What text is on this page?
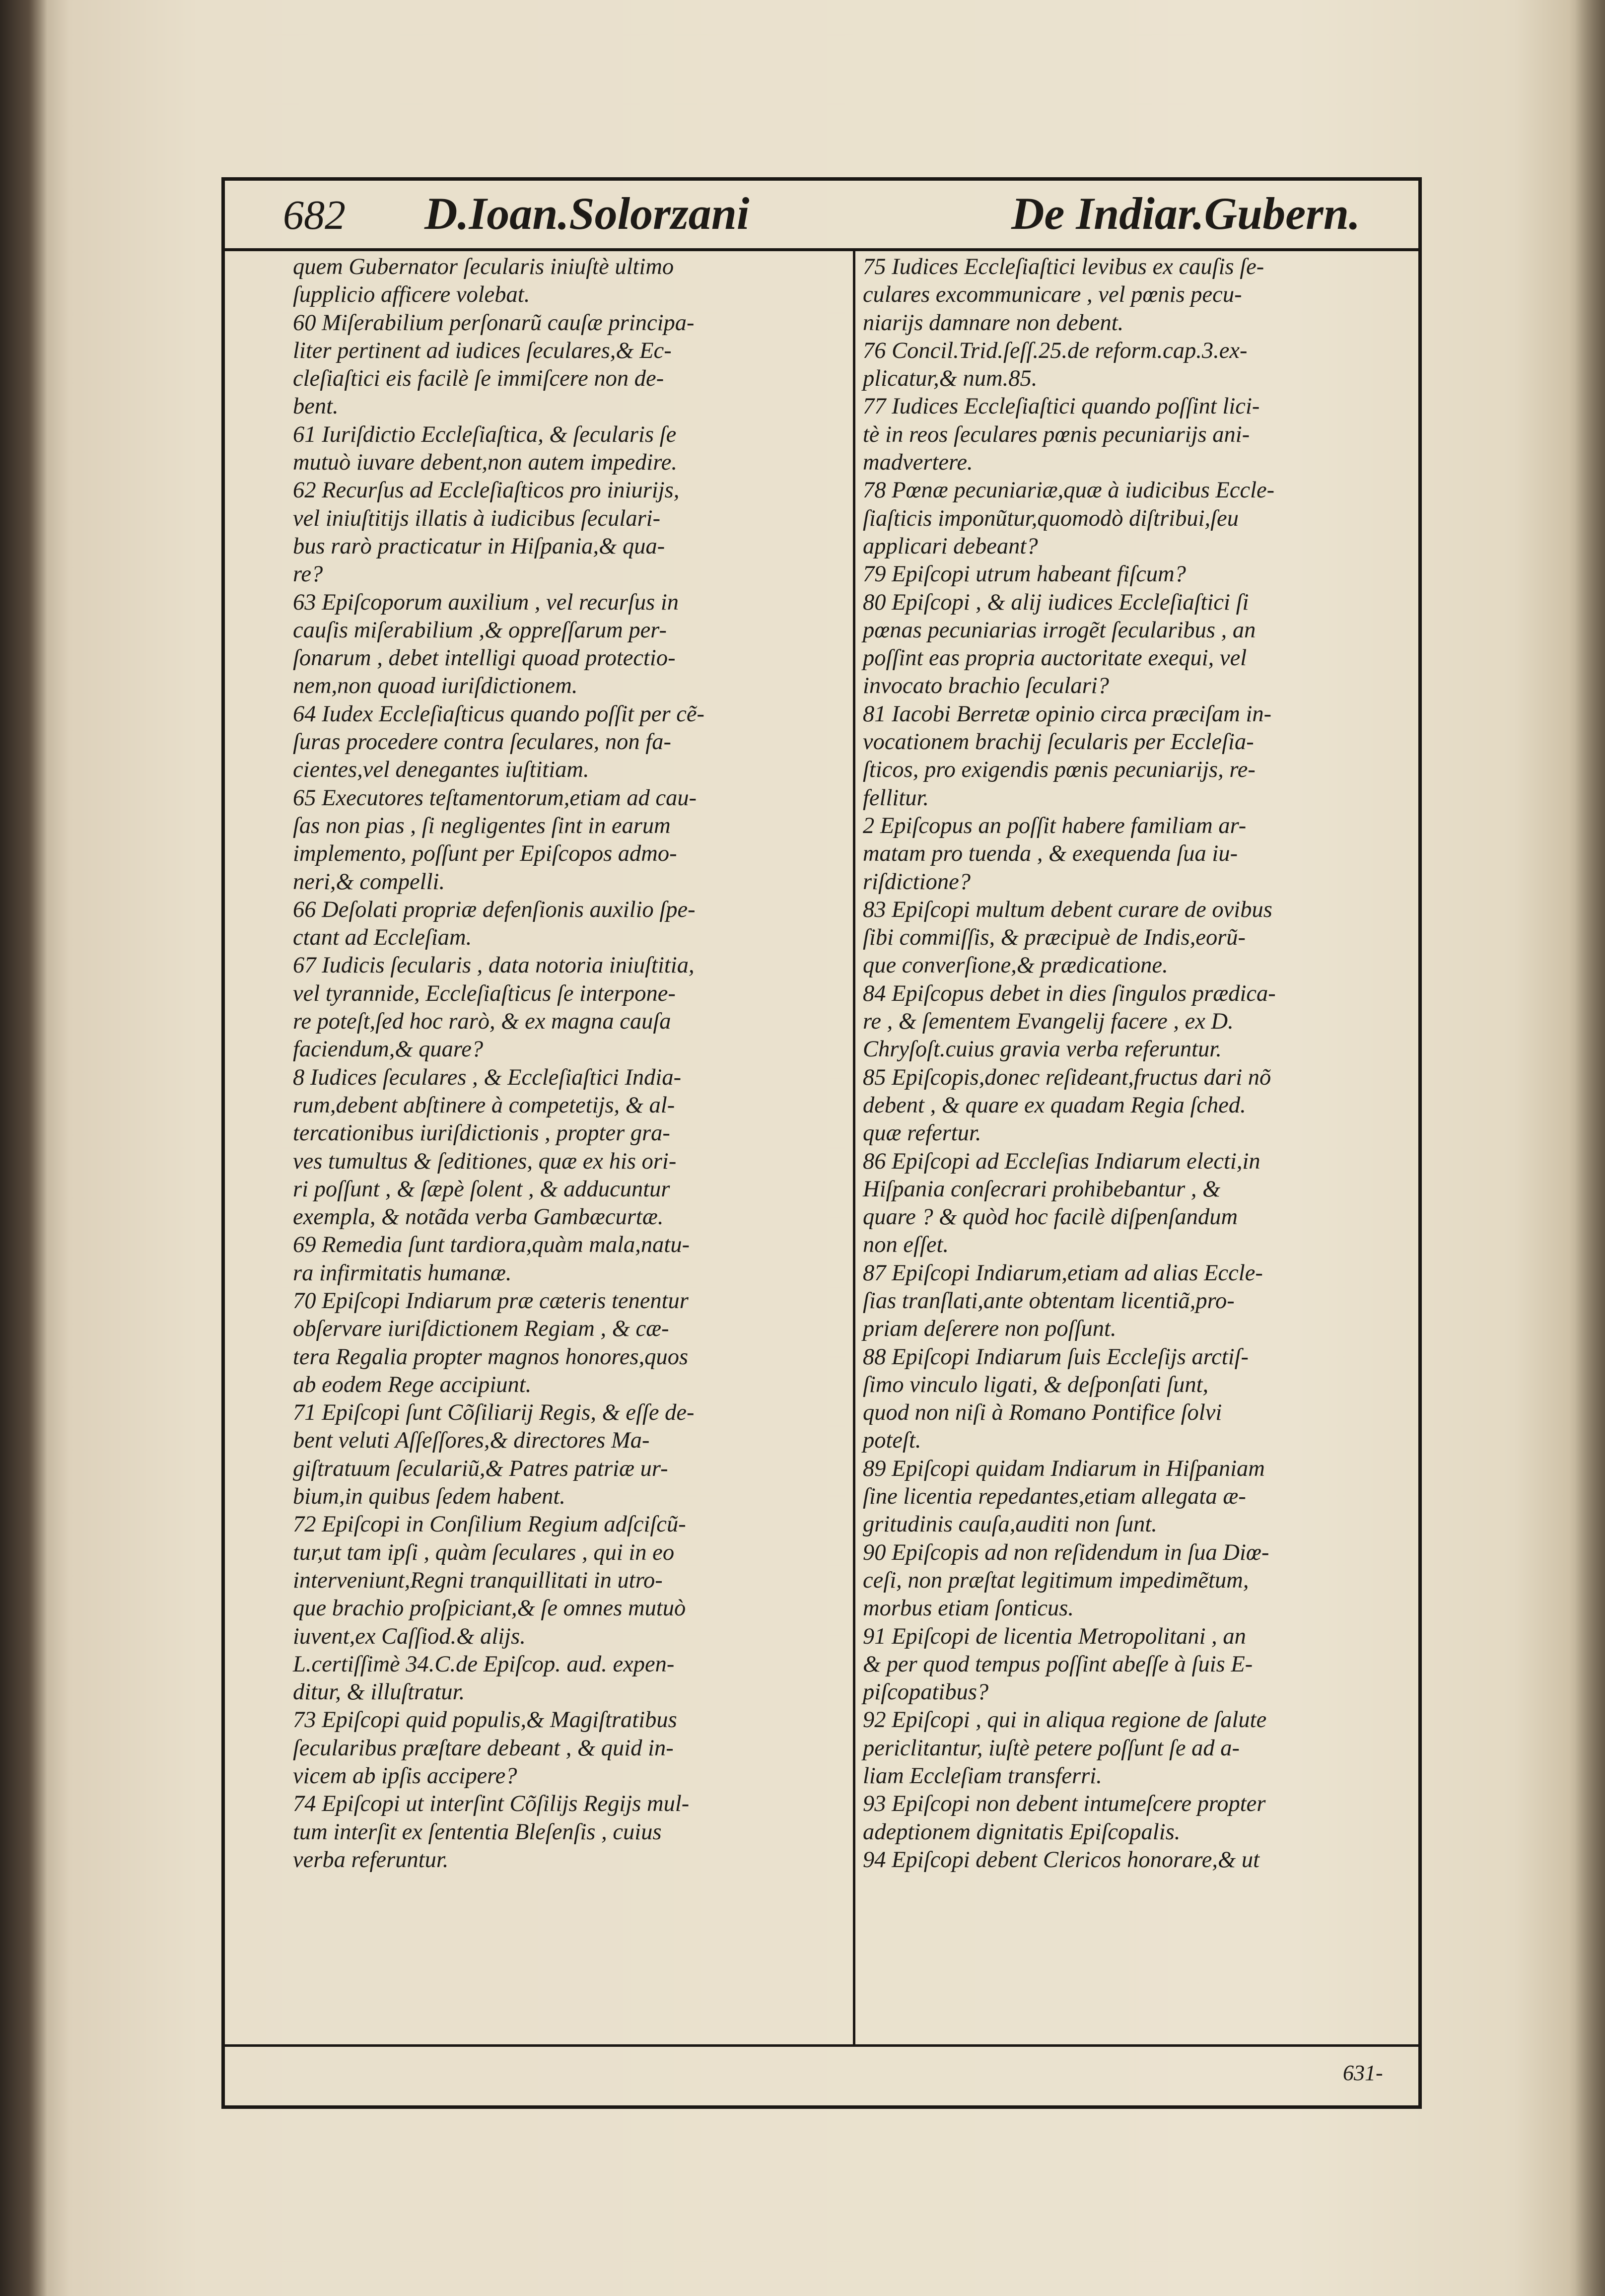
682 D.Ioan.Solorzani	De Indiar.Gubern.
quem Gubernator ſecularis iniuſtè ultimo
ſupplicio afficere volebat.
60 Miſerabilium perſonarũ cauſæ principa-
liter pertinent ad iudices ſeculares,& Ec-
cleſiaſtici eis facilè ſe immiſcere non de-
bent.
61 Iuriſdictio Eccleſiaſtica, & ſecularis ſe
mutuò iuvare debent,non autem impedire.
62 Recurſus ad Eccleſiaſticos pro iniurijs,
vel iniuſtitijs illatis à iudicibus ſeculari-
bus rarò practicatur in Hiſpania,& qua-
re?
63 Epiſcoporum auxilium , vel recurſus in
cauſis miſerabilium ,& oppreſſarum per-
ſonarum , debet intelligi quoad protectio-
nem,non quoad iuriſdictionem.
64 Iudex Eccleſiaſticus quando poſſit per cẽ-
ſuras procedere contra ſeculares, non fa-
cientes,vel denegantes iuſtitiam.
65 Executores teſtamentorum,etiam ad cau-
ſas non pias , ſi negligentes ſint in earum
implemento, poſſunt per Epiſcopos admo-
neri,& compelli.
66 Deſolati propriæ defenſionis auxilio ſpe-
ctant ad Eccleſiam.
67 Iudicis ſecularis , data notoria iniuſtitia,
vel tyrannide, Eccleſiaſticus ſe interpone-
re poteſt,ſed hoc rarò, & ex magna cauſa
faciendum,& quare?
8 Iudices ſeculares , & Eccleſiaſtici India-
rum,debent abſtinere à competetijs, & al-
tercationibus iuriſdictionis , propter gra-
ves tumultus & ſeditiones, quæ ex his ori-
ri poſſunt , & ſæpè ſolent , & adducuntur
exempla, & notãda verba Gambæcurtæ.
69 Remedia ſunt tardiora,quàm mala,natu-
ra infirmitatis humanæ.
70 Epiſcopi Indiarum præ cæteris tenentur
obſervare iuriſdictionem Regiam , & cæ-
tera Regalia propter magnos honores,quos
ab eodem Rege accipiunt.
71 Epiſcopi ſunt Cõſiliarij Regis, & eſſe de-
bent veluti Aſſeſſores,& directores Ma-
giſtratuum ſeculariũ,& Patres patriæ ur-
bium,in quibus ſedem habent.
72 Epiſcopi in Conſilium Regium adſciſcũ-
tur,ut tam ipſi , quàm ſeculares , qui in eo
interveniunt,Regni tranquillitati in utro-
que brachio proſpiciant,& ſe omnes mutuò
iuvent,ex Caſſiod.& alijs.
L.certiſſimè 34.C.de Epiſcop. aud. expen-
ditur, & illuſtratur.
73 Epiſcopi quid populis,& Magiſtratibus
ſecularibus præſtare debeant , & quid in-
vicem ab ipſis accipere?
74 Epiſcopi ut interſint Cõſilijs Regijs mul-
tum interſit ex ſententia Bleſenſis , cuius
verba referuntur.
75 Iudices Eccleſiaſtici levibus ex cauſis ſe-
culares excommunicare , vel pœnis pecu-
niarijs damnare non debent.
76 Concil.Trid.ſeſſ.25.de reform.cap.3.ex-
plicatur,& num.85.
77 Iudices Eccleſiaſtici quando poſſint lici-
tè in reos ſeculares pœnis pecuniarijs ani-
madvertere.
78 Pœnæ pecuniariæ,quæ à iudicibus Eccle-
ſiaſticis imponũtur,quomodò diſtribui,ſeu
applicari debeant?
79 Epiſcopi utrum habeant fiſcum?
80 Epiſcopi , & alij iudices Eccleſiaſtici ſi
pœnas pecuniarias irrogẽt ſecularibus , an
poſſint eas propria auctoritate exequi, vel
invocato brachio ſeculari?
81 Iacobi Berretæ opinio circa præciſam in-
vocationem brachij ſecularis per Eccleſia-
ſticos, pro exigendis pœnis pecuniarijs, re-
fellitur.
2 Epiſcopus an poſſit habere familiam ar-
matam pro tuenda , & exequenda ſua iu-
riſdictione?
83 Epiſcopi multum debent curare de ovibus
ſibi commiſſis, & præcipuè de Indis,eorũ-
que converſione,& prædicatione.
84 Epiſcopus debet in dies ſingulos prædica-
re , & ſementem Evangelij facere , ex D.
Chryſoſt.cuius gravia verba referuntur.
85 Epiſcopis,donec reſideant,fructus dari nõ
debent , & quare ex quadam Regia ſched.
quæ refertur.
86 Epiſcopi ad Eccleſias Indiarum electi,in
Hiſpania conſecrari prohibebantur , &
quare ? & quòd hoc facilè diſpenſandum
non eſſet.
87 Epiſcopi Indiarum,etiam ad alias Eccle-
ſias tranſlati,ante obtentam licentiã,pro-
priam deſerere non poſſunt.
88 Epiſcopi Indiarum ſuis Eccleſijs arctiſ-
ſimo vinculo ligati, & deſponſati ſunt,
quod non niſi à Romano Pontifice ſolvi
poteſt.
89 Epiſcopi quidam Indiarum in Hiſpaniam
ſine licentia repedantes,etiam allegata æ-
gritudinis cauſa,auditi non ſunt.
90 Epiſcopis ad non reſidendum in ſua Diœ-
ceſi, non præſtat legitimum impedimẽtum,
morbus etiam ſonticus.
91 Epiſcopi de licentia Metropolitani , an
& per quod tempus poſſint abeſſe à ſuis E-
piſcopatibus?
92 Epiſcopi , qui in aliqua regione de ſalute
periclitantur, iuſtè petere poſſunt ſe ad a-
liam Eccleſiam transferri.
93 Epiſcopi non debent intumeſcere propter
adeptionem dignitatis Epiſcopalis.
94 Epiſcopi debent Clericos honorare,& ut
631-
